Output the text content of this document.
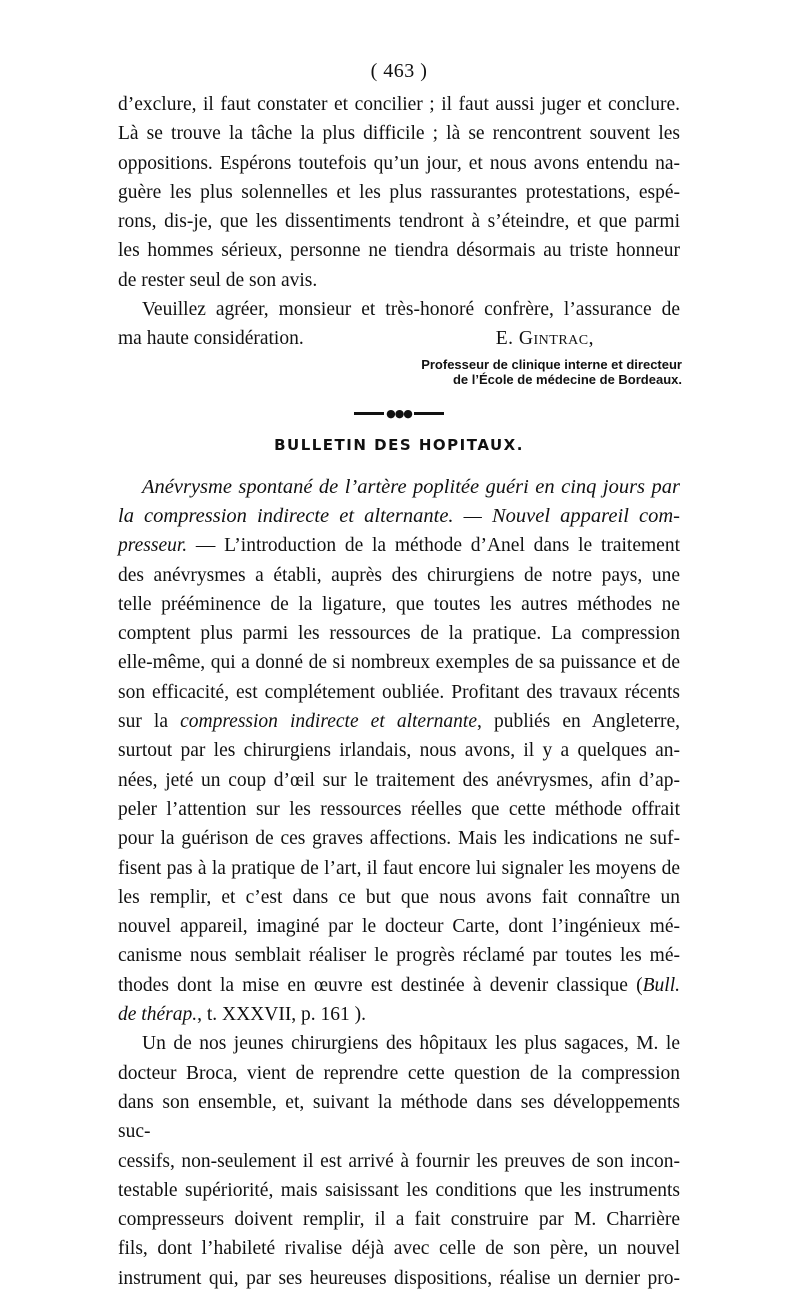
( 463 )

d’exclure, il faut constater et concilier ; il faut aussi juger et conclure.

Là se trouve la tâche la plus difficile ; là se rencontrent souvent les

oppositions. Espérons toutefois qu’un jour, et nous avons entendu na-

guère les plus solennelles et les plus rassurantes protestations, espé-

rons, dis-je, que les dissentiments tendront à s’éteindre, et que parmi

les hommes sérieux, personne ne tiendra désormais au triste honneur

de rester seul de son avis.

Veuillez agréer, monsieur et très-honoré confrère, l’assurance de

ma haute considération.	E. Gintrac,
Professeur de clinique interne et directeur
de l’École de médecine de Bordeaux.
●●●
BULLETIN DES HOPITAUX.

Anévrysme spontané de l’artère poplitée guéri en cinq jours par

la compression indirecte et alternante. — Nouvel appareil com-

presseur. — L’introduction de la méthode d’Anel dans le traitement

des anévrysmes a établi, auprès des chirurgiens de notre pays, une

telle prééminence de la ligature, que toutes les autres méthodes ne

comptent plus parmi les ressources de la pratique. La compression

elle-même, qui a donné de si nombreux exemples de sa puissance et de

son efficacité, est complétement oubliée. Profitant des travaux récents

sur la compression indirecte et alternante, publiés en Angleterre,

surtout par les chirurgiens irlandais, nous avons, il y a quelques an-

nées, jeté un coup d’œil sur le traitement des anévrysmes, afin d’ap-

peler l’attention sur les ressources réelles que cette méthode offrait

pour la guérison de ces graves affections. Mais les indications ne suf-

fisent pas à la pratique de l’art, il faut encore lui signaler les moyens de

les remplir, et c’est dans ce but que nous avons fait connaître un

nouvel appareil, imaginé par le docteur Carte, dont l’ingénieux mé-

canisme nous semblait réaliser le progrès réclamé par toutes les mé-

thodes dont la mise en œuvre est destinée à devenir classique (Bull.

de thérap., t. XXXVII, p. 161 ).

Un de nos jeunes chirurgiens des hôpitaux les plus sagaces, M. le

docteur Broca, vient de reprendre cette question de la compression

dans son ensemble, et, suivant la méthode dans ses développements suc-

cessifs, non-seulement il est arrivé à fournir les preuves de son incon-

testable supériorité, mais saisissant les conditions que les instruments

compresseurs doivent remplir, il a fait construire par M. Charrière

fils, dont l’habileté rivalise déjà avec celle de son père, un nouvel

instrument qui, par ses heureuses dispositions, réalise un dernier pro-
